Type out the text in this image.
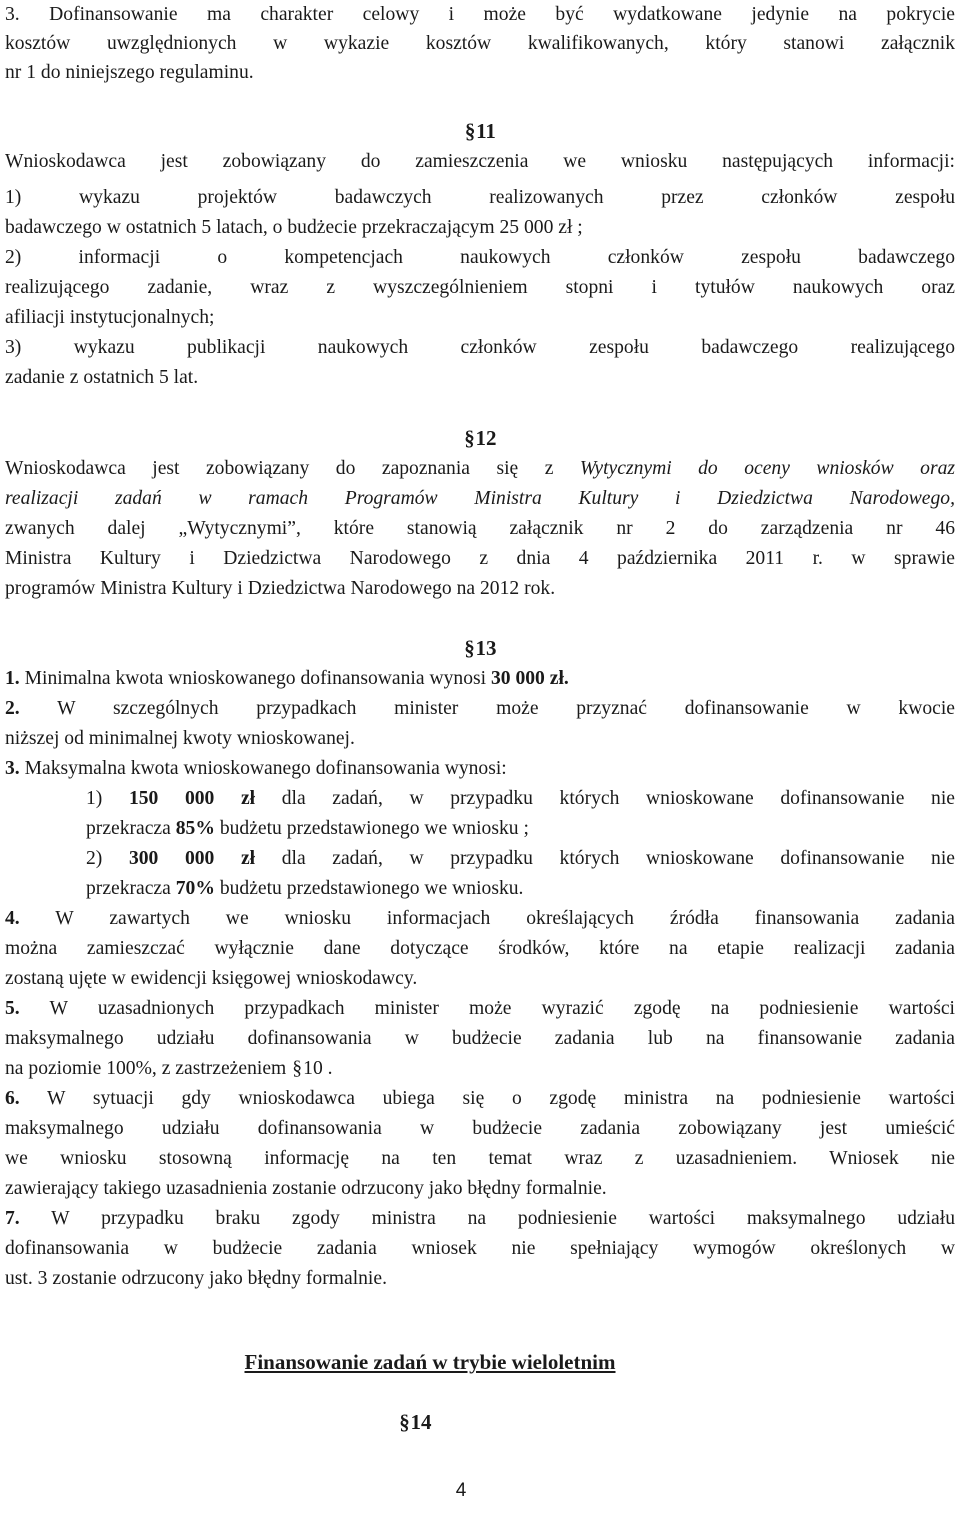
3. Dofinansowanie ma charakter celowy i może być wydatkowane jedynie na pokrycie
kosztów uwzględnionych w wykazie kosztów kwalifikowanych, który stanowi załącznik
nr 1 do niniejszego regulaminu.
§11
Wnioskodawca jest zobowiązany do zamieszczenia we wniosku następujących informacji:
1) wykazu projektów badawczych realizowanych przez członków zespołu
badawczego w ostatnich 5 latach, o budżecie przekraczającym 25 000 zł ;
2) informacji o kompetencjach naukowych członków zespołu badawczego
realizującego zadanie, wraz z wyszczególnieniem stopni i tytułów naukowych oraz
afiliacji instytucjonalnych;
3) wykazu publikacji naukowych członków zespołu badawczego realizującego
zadanie z ostatnich 5 lat.
§12
Wnioskodawca jest zobowiązany do zapoznania się z Wytycznymi do oceny wniosków oraz
realizacji zadań w ramach Programów Ministra Kultury i Dziedzictwa Narodowego,
zwanych dalej „Wytycznymi”, które stanowią załącznik nr 2 do zarządzenia nr 46
Ministra Kultury i Dziedzictwa Narodowego z dnia 4 października 2011 r. w sprawie
programów Ministra Kultury i Dziedzictwa Narodowego na 2012 rok.
§13
1. Minimalna kwota wnioskowanego dofinansowania wynosi 30 000 zł.
2. W szczególnych przypadkach minister może przyznać dofinansowanie w kwocie
niższej od minimalnej kwoty wnioskowanej.
3. Maksymalna kwota wnioskowanego dofinansowania wynosi:
1) 150 000 zł dla zadań, w przypadku których wnioskowane dofinansowanie nie
przekracza 85% budżetu przedstawionego we wniosku ;
2) 300 000 zł dla zadań, w przypadku których wnioskowane dofinansowanie nie
przekracza 70% budżetu przedstawionego we wniosku.
4. W zawartych we wniosku informacjach określających źródła finansowania zadania
można zamieszczać wyłącznie dane dotyczące środków, które na etapie realizacji zadania
zostaną ujęte w ewidencji księgowej wnioskodawcy.
5. W uzasadnionych przypadkach minister może wyrazić zgodę na podniesienie wartości
maksymalnego udziału dofinansowania w budżecie zadania lub na finansowanie zadania
na poziomie 100%, z zastrzeżeniem §10 .
6. W sytuacji gdy wnioskodawca ubiega się o zgodę ministra na podniesienie wartości
maksymalnego udziału dofinansowania w budżecie zadania zobowiązany jest umieścić
we wniosku stosowną informację na ten temat wraz z uzasadnieniem. Wniosek nie
zawierający takiego uzasadnienia zostanie odrzucony jako błędny formalnie.
7. W przypadku braku zgody ministra na podniesienie wartości maksymalnego udziału
dofinansowania w budżecie zadania wniosek nie spełniający wymogów określonych w
ust. 3 zostanie odrzucony jako błędny formalnie.
Finansowanie zadań w trybie wieloletnim
§14
4
